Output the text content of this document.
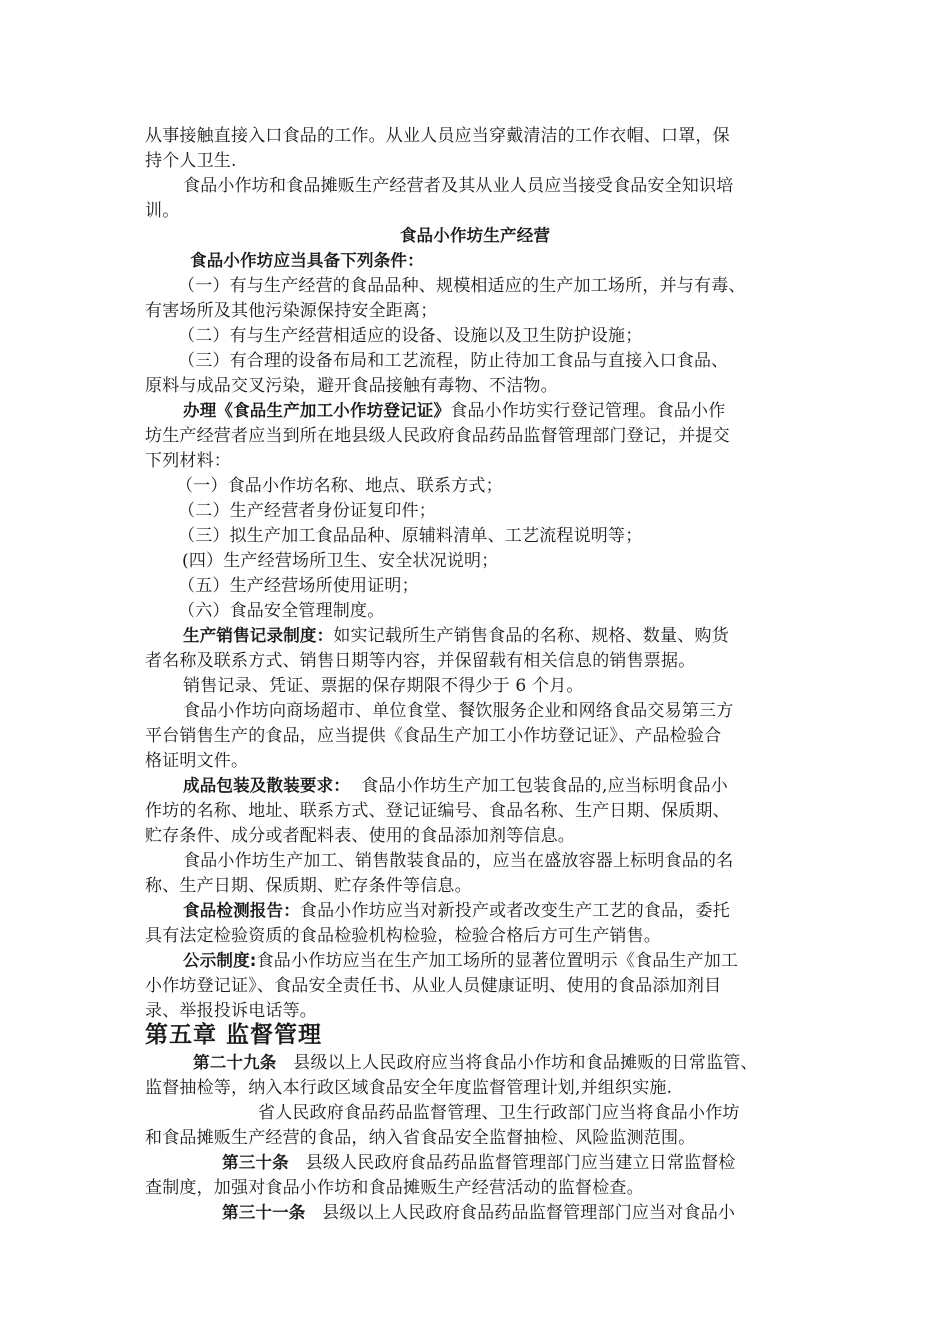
从事接触直接入口食品的工作。从业人员应当穿戴清洁的工作衣帽、口罩，保
持个人卫生.
食品小作坊和食品摊贩生产经营者及其从业人员应当接受食品安全知识培
训。
食品小作坊生产经营
食品小作坊应当具备下列条件：
（一）有与生产经营的食品品种、规模相适应的生产加工场所，并与有毒、
有害场所及其他污染源保持安全距离；
（二）有与生产经营相适应的设备、设施以及卫生防护设施；
（三）有合理的设备布局和工艺流程，防止待加工食品与直接入口食品、
原料与成品交叉污染，避开食品接触有毒物、不洁物。
办理《食品生产加工小作坊登记证》食品小作坊实行登记管理。食品小作
坊生产经营者应当到所在地县级人民政府食品药品监督管理部门登记，并提交
下列材料：
（一）食品小作坊名称、地点、联系方式；
（二）生产经营者身份证复印件；
（三）拟生产加工食品品种、原辅料清单、工艺流程说明等；
(四）生产经营场所卫生、安全状况说明；
（五）生产经营场所使用证明；
（六）食品安全管理制度。
生产销售记录制度：如实记载所生产销售食品的名称、规格、数量、购货
者名称及联系方式、销售日期等内容，并保留载有相关信息的销售票据。
销售记录、凭证、票据的保存期限不得少于 6 个月。
食品小作坊向商场超市、单位食堂、餐饮服务企业和网络食品交易第三方
平台销售生产的食品，应当提供《食品生产加工小作坊登记证》、产品检验合
格证明文件。
成品包装及散装要求：  食品小作坊生产加工包装食品的,应当标明食品小
作坊的名称、地址、联系方式、登记证编号、食品名称、生产日期、保质期、
贮存条件、成分或者配料表、使用的食品添加剂等信息。
食品小作坊生产加工、销售散装食品的，应当在盛放容器上标明食品的名
称、生产日期、保质期、贮存条件等信息。
食品检测报告：食品小作坊应当对新投产或者改变生产工艺的食品，委托
具有法定检验资质的食品检验机构检验，检验合格后方可生产销售。
公示制度:食品小作坊应当在生产加工场所的显著位置明示《食品生产加工
小作坊登记证》、食品安全责任书、从业人员健康证明、使用的食品添加剂目
录、举报投诉电话等。
第五章 监督管理
第二十九条   县级以上人民政府应当将食品小作坊和食品摊贩的日常监管、
监督抽检等，纳入本行政区域食品安全年度监督管理计划,并组织实施.
省人民政府食品药品监督管理、卫生行政部门应当将食品小作坊
和食品摊贩生产经营的食品，纳入省食品安全监督抽检、风险监测范围。
第三十条   县级人民政府食品药品监督管理部门应当建立日常监督检
查制度，加强对食品小作坊和食品摊贩生产经营活动的监督检查。
第三十一条   县级以上人民政府食品药品监督管理部门应当对食品小
